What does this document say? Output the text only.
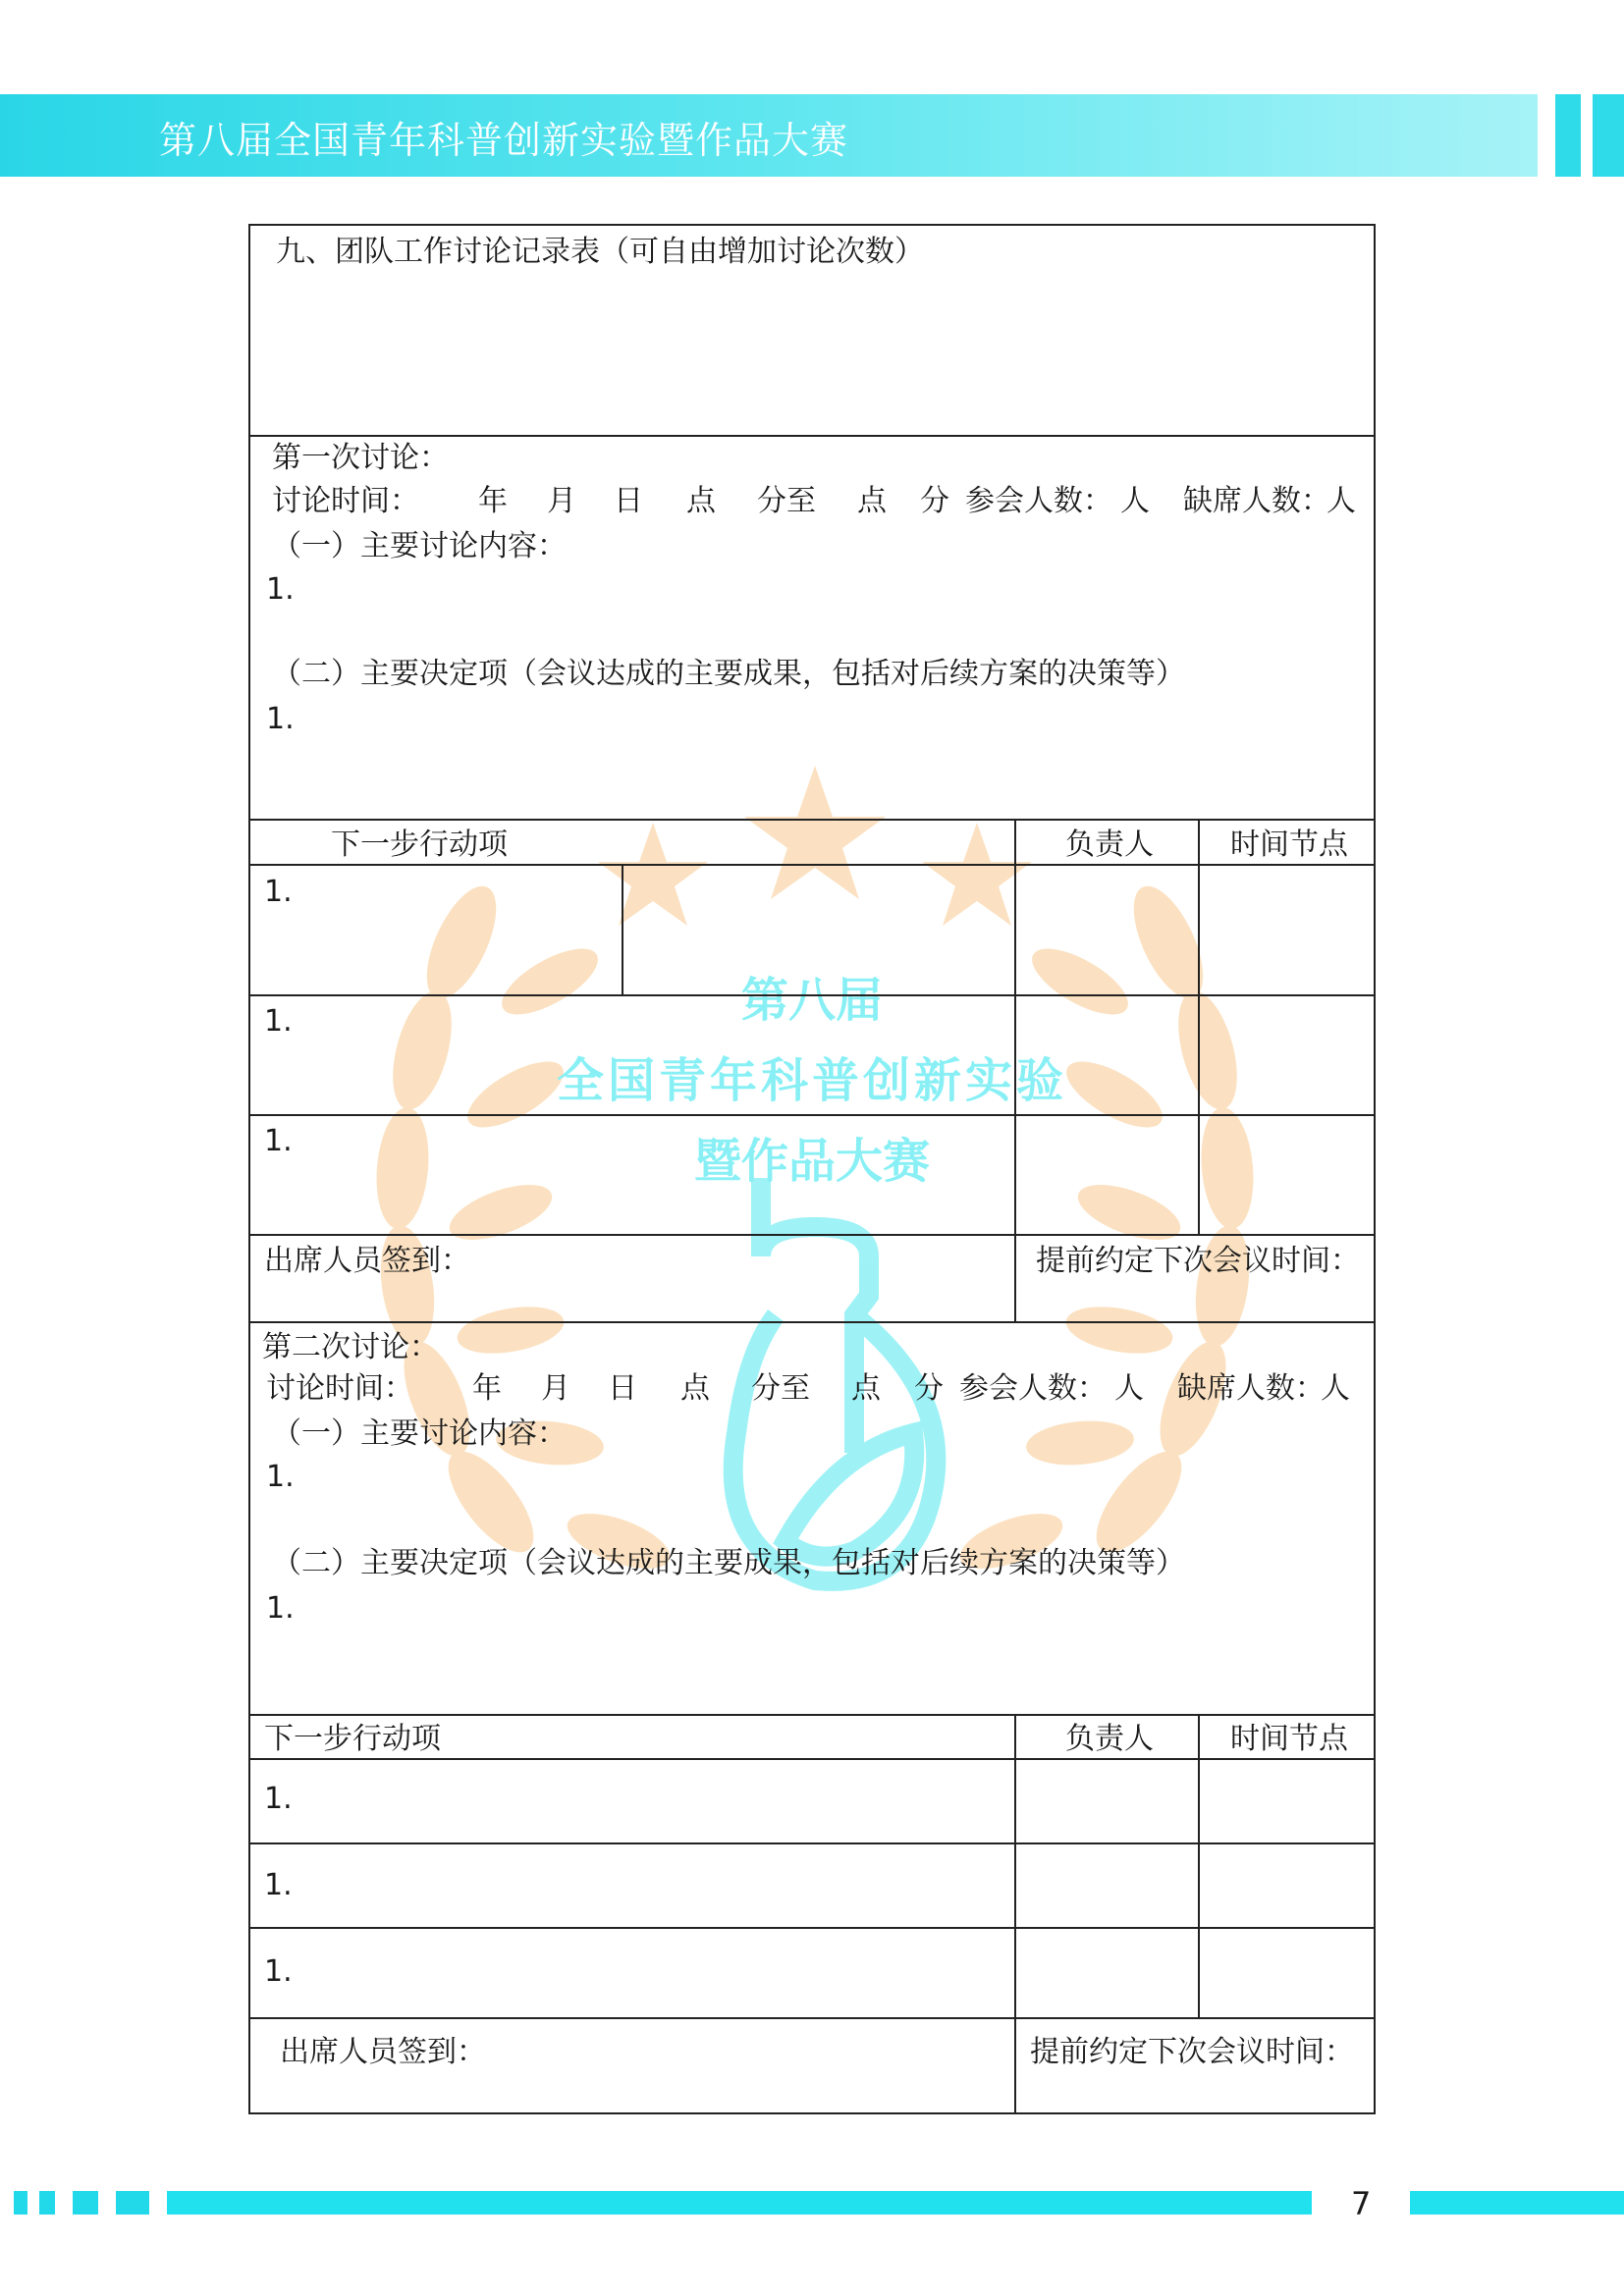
第八届全国青年科普创新实验暨作品大赛
第八届
全国青年科普创新实验
暨作品大赛
九、团队工作讨论记录表（可自由增加讨论次数）
第一次讨论：
讨论时间： 年 月 日 点 分至 点 分 参会人数： 人 缺席人数：
人
（一）主要讨论内容：
1.
（二）主要决定项（会议达成的主要成果，包括对后续方案的决策等）
1.
下一步行动项	负责人	时间节点
1.
1.
1.
出席人员签到：	提前约定下次会议时间：
第二次讨论：
讨论时间： 年 月 日 点 分至 点 分 参会人数： 人 缺席人数：
人
（一）主要讨论内容：
1.
（二）主要决定项（会议达成的主要成果，包括对后续方案的决策等）
1.
下一步行动项	负责人	时间节点
1.
1.
1.
出席人员签到：	提前约定下次会议时间：
7
